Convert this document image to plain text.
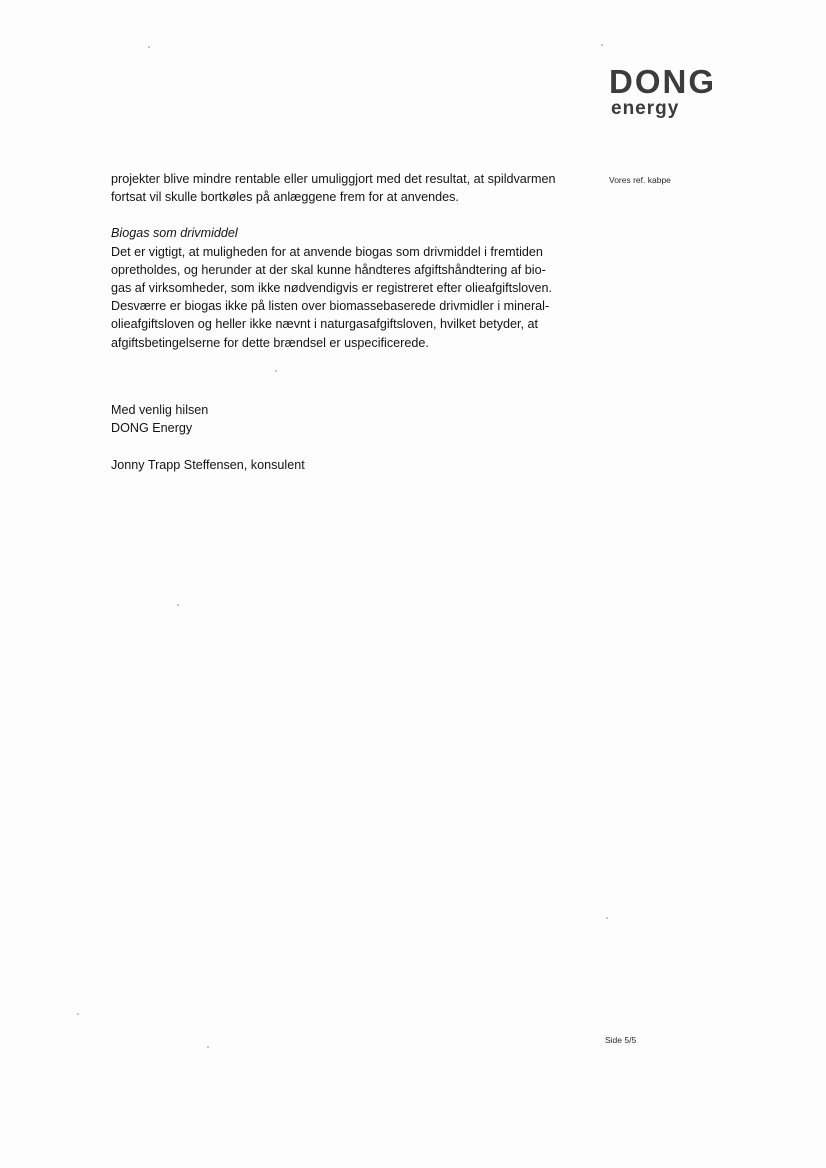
DONG
energy
Vores ref. kabpe

projekter blive mindre rentable eller umuliggjort med det resultat, at spildvarmen
fortsat vil skulle bortkøles på anlæggene frem for at anvendes.

Biogas som drivmiddel

Det er vigtigt, at muligheden for at anvende biogas som drivmiddel i fremtiden
opretholdes, og herunder at der skal kunne håndteres afgiftshåndtering af bio-
gas af virksomheder, som ikke nødvendigvis er registreret efter olieafgiftsloven.
Desværre er biogas ikke på listen over biomassebaserede drivmidler i mineral-
olieafgiftsloven og heller ikke nævnt i naturgasafgiftsloven, hvilket betyder, at
afgiftsbetingelserne for dette brændsel er uspecificerede.

Med venlig hilsen
DONG Energy
Jonny Trapp Steffensen, konsulent
Side 5/5
